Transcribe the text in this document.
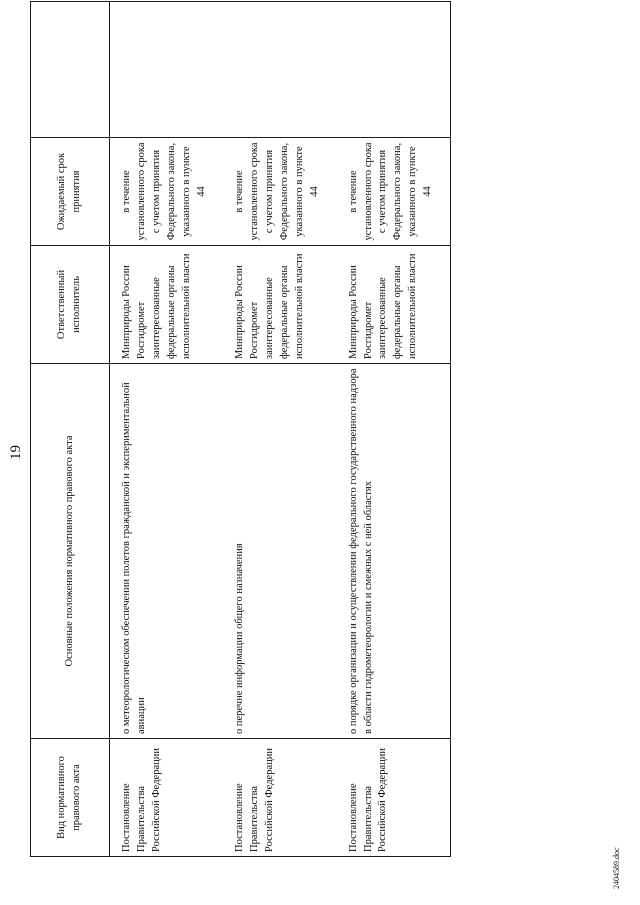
19
Вид нормативного правового акта	Основные положения нормативного правового акта	Ответственный исполнитель	Ожидаемый срок принятия	
Постановление Правительства Российской Федерации	о метеорологическом обеспечении полетов гражданской и экспериментальной авиации	Минприроды России Росгидромет заинтересованные федеральные органы исполнительной власти	в течение установленного срока с учетом принятия Федерального закона, указанного в пункте 44	
Постановление Правительства Российской Федерации	о перечне информации общего назначения	Минприроды России Росгидромет заинтересованные федеральные органы исполнительной власти	в течение установленного срока с учетом принятия Федерального закона, указанного в пункте 44	
Постановление Правительства Российской Федерации	о порядке организации и осуществлении федерального государственного надзора в области гидрометеорологии и смежных с ней областях	Минприроды России Росгидромет заинтересованные федеральные органы исполнительной власти	в течение установленного срока с учетом принятия Федерального закона, указанного в пункте 44	
2404589.doc
